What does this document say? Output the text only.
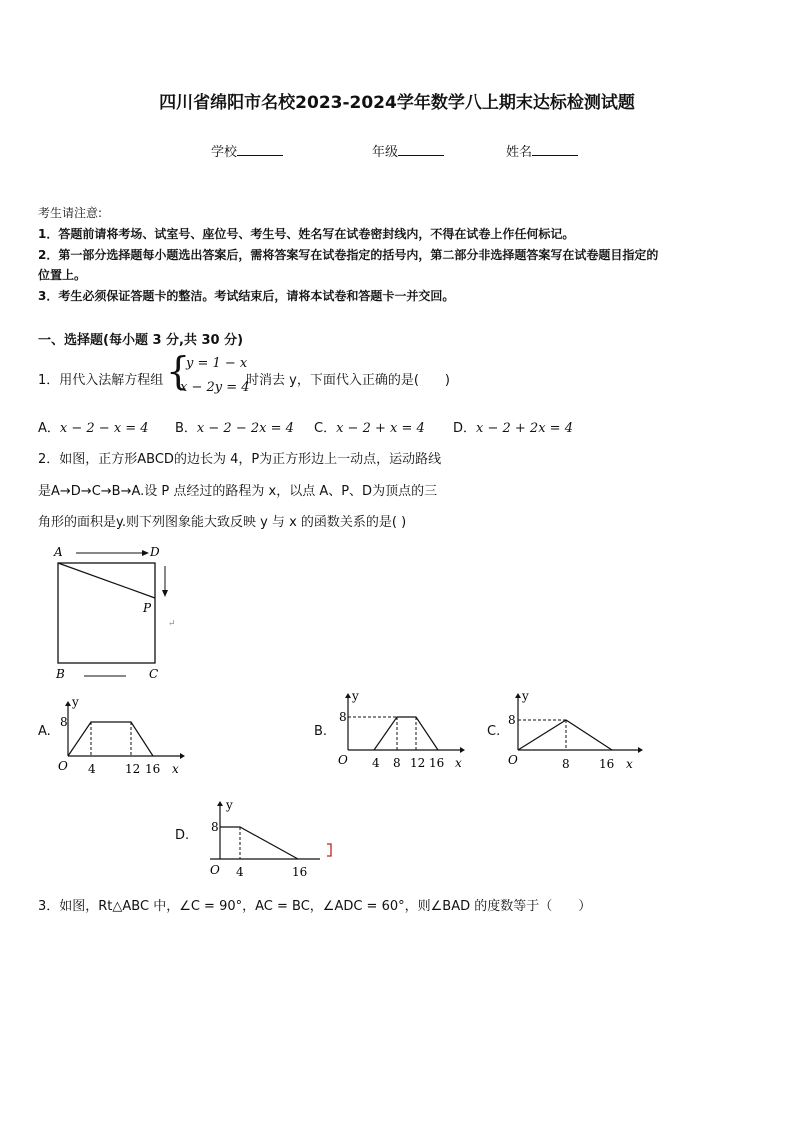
四川省绵阳市名校2023-2024学年数学八上期末达标检测试题
学校	年级	姓名
考生请注意:
1．答题前请将考场、试室号、座位号、考生号、姓名写在试卷密封线内，不得在试卷上作任何标记。
2．第一部分选择题每小题选出答案后，需将答案写在试卷指定的括号内，第二部分非选择题答案写在试卷题目指定的
位置上。
3．考生必须保证答题卡的整洁。考试结束后，请将本试卷和答题卡一并交回。
一、选择题(每小题 3 分,共 30 分)
1．用代入法解方程组 {
y = 1 − x
x − 2y = 4
时消去 y，下面代入正确的是(　　)
A．x − 2 − x = 4 B．x − 2 − 2x = 4 C．x − 2 + x = 4 D．x − 2 + 2x = 4
2．如图，正方形ABCD的边长为 4，P为正方形边上一动点，运动路线
是A→D→C→B→A.设 P 点经过的路程为 x，以点 A、P、D为顶点的三
角形的面积是y.则下列图象能大致反映 y 与 x 的函数关系的是( )
A	D
P
B	C
↵
A.	B.	C.
D.
y
8
O 4 12 16 x
y
8
O 4 8 12 16 x
y
8
O	8 16 x
y
8
O 4	16
3．如图，Rt△ABC 中，∠C = 90°，AC = BC，∠ADC = 60°，则∠BAD 的度数等于（　　）
